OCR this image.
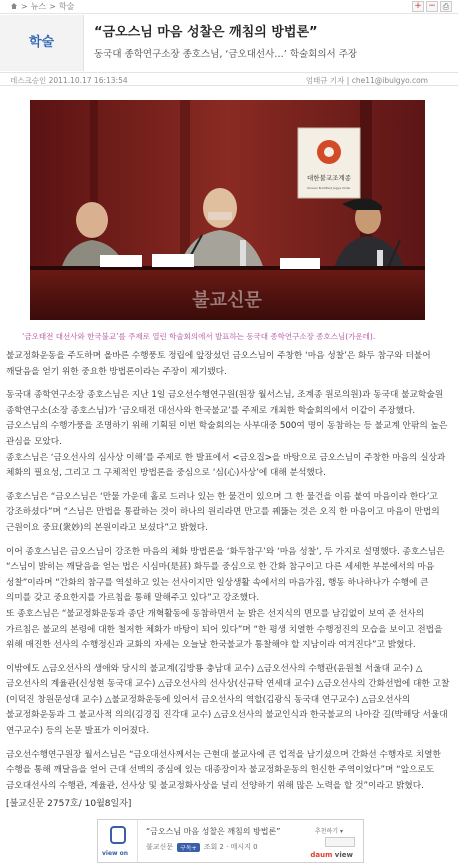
> 뉴스 > 학술	+ − ⎙
학술
“금오스님 마음 성찰은 깨침의 방법론”
동국대 종학연구소장 종호스님, ‘금오대선사…’ 학술회의서 주장
데스크승인 2011.10.17 16:13:54	엄태규 기자 | che11@ibulgyo.com
대한불교조계종
Korean Buddhist Jogye Order
불교신문
‘금오태전 대선사와 한국불교’를 주제로 열린 학술회의에서 발표하는 동국대 종학연구소장 종호스님(가운데).

불교정화운동을 주도하며 올바른 수행풍토 정립에 앞장섰던 금오스님이 주창한 ‘마음 성찰’은 화두 참구와 더불어 깨달음을 얻기 위한 중요한 방법론이라는 주장이 제기됐다.

동국대 종학연구소장 종호스님은 지난 1일 금오선수행연구원(원장 월서스님, 조계종 원로의원)과 동국대 불교학술원 종학연구소(소장 종호스님)가 ‘금오태전 대선사와 한국불교’를 주제로 개최한 학술회의에서 이같이 주장했다. 금오스님의 수행가풍을 조명하기 위해 기획된 이번 학술회의는 사부대중 500여 명이 동참하는 등 불교계 안팎의 높은 관심을 모았다.

종호스님은 ‘금오선사의 심사상 이해’를 주제로 한 발표에서 <금오집>을 바탕으로 금오스님이 주창한 마음의 실상과 체화의 필요성, 그리고 그 구체적인 방법론을 중심으로 ‘심(心)사상’에 대해 분석했다.

종호스님은 “금오스님은 ‘만물 가운데 홀로 드러나 있는 한 물건이 있으며 그 한 물건을 이름 붙여 마음이라 한다’고 강조하셨다”며 “스님은 만법을 통괄하는 것이 하나의 원리라면 만고를 꿰뚫는 것은 오직 한 마음이고 마음이 만법의 근원이요 중묘(衆妙)의 본원이라고 보셨다”고 밝혔다.

이어 종호스님은 금오스님이 강조한 마음의 체화 방법론을 ‘화두참구’와 ‘마음 성찰’, 두 가지로 설명했다. 종호스님은 “스님이 밝히는 깨달음을 얻는 법은 시심마(是甚) 화두를 중심으로 한 간화 참구이고 다른 세세한 부분에서의 마음 성찰”이라며 “간화의 참구를 역설하고 있는 선사이지만 일상생활 속에서의 마음가짐, 행동 하나하나가 수행에 큰 의미를 갖고 중요한지를 가르침을 통해 말해주고 있다”고 강조했다.

또 종호스님은 “불교정화운동과 종단 개혁활동에 동참하면서 눈 밝은 선지식의 면모를 남김없이 보여 준 선사의 가르침은 불교의 본령에 대한 철저한 체화가 바탕이 되어 있다”며 “한 평생 치열한 수행정진의 모습을 보이고 전법을 위해 매진한 선사의 수행정신과 교화의 자세는 오늘날 한국불교가 통찰해야 할 지남이라 여겨진다”고 밝혔다.

이밖에도 △금오선사의 생애와 당시의 불교계(김방룡 충남대 교수) △금오선사의 수행관(윤원철 서울대 교수) △금오선사의 계율관(신성현 동국대 교수) △금오선사의 선사상(신규탁 연세대 교수) △금오선사의 간화선법에 대한 고찰(이덕진 창원문성대 교수) △불교정화운동에 있어서 금오선사의 역할(김광식 동국대 연구교수) △금오선사의 불교정화운동과 그 불교사적 의의(김경집 진각대 교수) △금오선사의 불교인식과 한국불교의 나아갈 길(박해당 서울대 연구교수) 등의 논문 발표가 이어졌다.

금오선수행연구원장 월서스님은 “금오대선사께서는 근현대 불교사에 큰 업적을 남기셨으며 간화선 수행자로 치열한 수행을 통해 깨달음을 얻어 근대 선맥의 중심에 있는 대종장이자 불교정화운동의 헌신한 주역이었다”며 “앞으로도 금오대선사의 수행관, 계율관, 선사상 및 불교정화사상을 널리 선양하기 위해 많은 노력을 할 것”이라고 밝혔다.

[불교신문 2757호/ 10월8일자]
view on
“금오스님 마음 성찰은 깨침의 방법론”
불교신문	구독+	조회 2 · 메시지 0
추천하기 ▾
daum view
